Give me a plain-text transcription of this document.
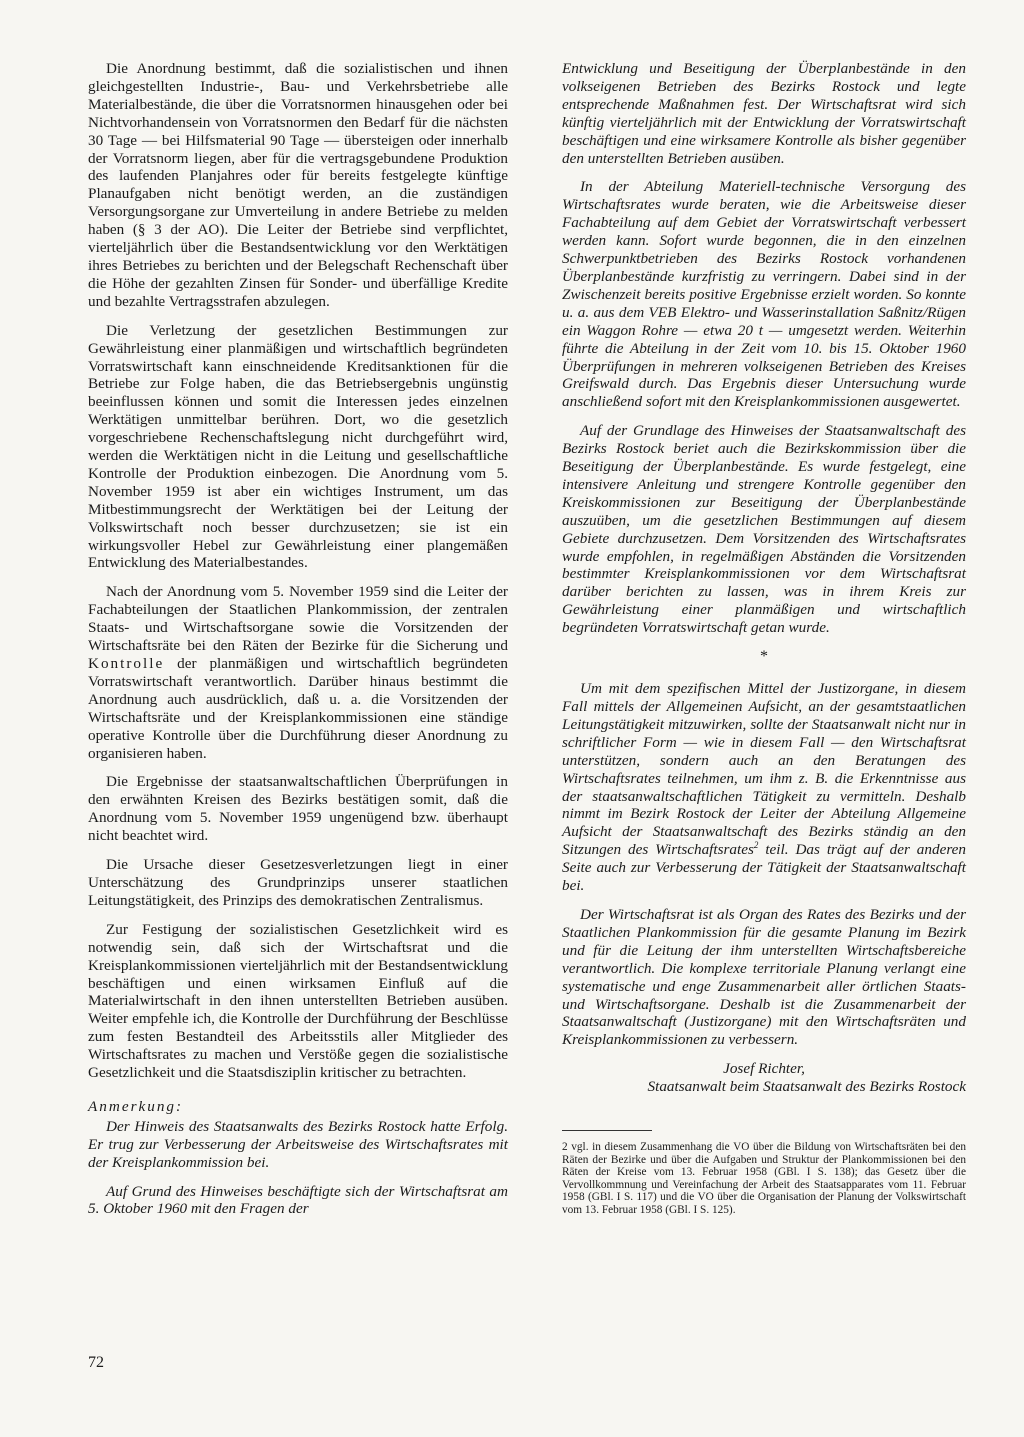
Die Anordnung bestimmt, daß die sozialistischen und ihnen gleichgestellten Industrie-, Bau- und Verkehrsbetriebe alle Materialbestände, die über die Vorratsnormen hinausgehen oder bei Nichtvorhandensein von Vorratsnormen den Bedarf für die nächsten 30 Tage — bei Hilfsmaterial 90 Tage — übersteigen oder innerhalb der Vorratsnorm liegen, aber für die vertragsgebundene Produktion des laufenden Planjahres oder für bereits festgelegte künftige Planaufgaben nicht benötigt werden, an die zuständigen Versorgungsorgane zur Umverteilung in andere Betriebe zu melden haben (§ 3 der AO). Die Leiter der Betriebe sind verpflichtet, vierteljährlich über die Bestandsentwicklung vor den Werktätigen ihres Betriebes zu berichten und der Belegschaft Rechenschaft über die Höhe der gezahlten Zinsen für Sonder- und überfällige Kredite und bezahlte Vertragsstrafen abzulegen.

Die Verletzung der gesetzlichen Bestimmungen zur Gewährleistung einer planmäßigen und wirtschaftlich begründeten Vorratswirtschaft kann einschneidende Kreditsanktionen für die Betriebe zur Folge haben, die das Betriebsergebnis ungünstig beeinflussen können und somit die Interessen jedes einzelnen Werktätigen unmittelbar berühren. Dort, wo die gesetzlich vorgeschriebene Rechenschaftslegung nicht durchgeführt wird, werden die Werktätigen nicht in die Leitung und gesellschaftliche Kontrolle der Produktion einbezogen. Die Anordnung vom 5. November 1959 ist aber ein wichtiges Instrument, um das Mitbestimmungsrecht der Werktätigen bei der Leitung der Volkswirtschaft noch besser durchzusetzen; sie ist ein wirkungsvoller Hebel zur Gewährleistung einer plangemäßen Entwicklung des Materialbestandes.

Nach der Anordnung vom 5. November 1959 sind die Leiter der Fachabteilungen der Staatlichen Plankommission, der zentralen Staats- und Wirtschaftsorgane sowie die Vorsitzenden der Wirtschaftsräte bei den Räten der Bezirke für die Sicherung und Kontrolle der planmäßigen und wirtschaftlich begründeten Vorratswirtschaft verantwortlich. Darüber hinaus bestimmt die Anordnung auch ausdrücklich, daß u. a. die Vorsitzenden der Wirtschaftsräte und der Kreisplankommissionen eine ständige operative Kontrolle über die Durchführung dieser Anordnung zu organisieren haben.

Die Ergebnisse der staatsanwaltschaftlichen Überprüfungen in den erwähnten Kreisen des Bezirks bestätigen somit, daß die Anordnung vom 5. November 1959 ungenügend bzw. überhaupt nicht beachtet wird.

Die Ursache dieser Gesetzesverletzungen liegt in einer Unterschätzung des Grundprinzips unserer staatlichen Leitungstätigkeit, des Prinzips des demokratischen Zentralismus.

Zur Festigung der sozialistischen Gesetzlichkeit wird es notwendig sein, daß sich der Wirtschaftsrat und die Kreisplankommissionen vierteljährlich mit der Bestandsentwicklung beschäftigen und einen wirksamen Einfluß auf die Materialwirtschaft in den ihnen unterstellten Betrieben ausüben. Weiter empfehle ich, die Kontrolle der Durchführung der Beschlüsse zum festen Bestandteil des Arbeitsstils aller Mitglieder des Wirtschaftsrates zu machen und Verstöße gegen die sozialistische Gesetzlichkeit und die Staatsdisziplin kritischer zu betrachten.

Anmerkung:

Der Hinweis des Staatsanwalts des Bezirks Rostock hatte Erfolg. Er trug zur Verbesserung der Arbeitsweise des Wirtschaftsrates mit der Kreisplankommission bei.

Auf Grund des Hinweises beschäftigte sich der Wirtschaftsrat am 5. Oktober 1960 mit den Fragen der

Entwicklung und Beseitigung der Überplanbestände in den volkseigenen Betrieben des Bezirks Rostock und legte entsprechende Maßnahmen fest. Der Wirtschaftsrat wird sich künftig vierteljährlich mit der Entwicklung der Vorratswirtschaft beschäftigen und eine wirksamere Kontrolle als bisher gegenüber den unterstellten Betrieben ausüben.

In der Abteilung Materiell-technische Versorgung des Wirtschaftsrates wurde beraten, wie die Arbeitsweise dieser Fachabteilung auf dem Gebiet der Vorratswirtschaft verbessert werden kann. Sofort wurde begonnen, die in den einzelnen Schwerpunktbetrieben des Bezirks Rostock vorhandenen Überplanbestände kurzfristig zu verringern. Dabei sind in der Zwischenzeit bereits positive Ergebnisse erzielt worden. So konnte u. a. aus dem VEB Elektro- und Wasserinstallation Saßnitz/Rügen ein Waggon Rohre — etwa 20 t — umgesetzt werden. Weiterhin führte die Abteilung in der Zeit vom 10. bis 15. Oktober 1960 Überprüfungen in mehreren volkseigenen Betrieben des Kreises Greifswald durch. Das Ergebnis dieser Untersuchung wurde anschließend sofort mit den Kreisplankommissionen ausgewertet.

Auf der Grundlage des Hinweises der Staatsanwaltschaft des Bezirks Rostock beriet auch die Bezirkskommission über die Beseitigung der Überplanbestände. Es wurde festgelegt, eine intensivere Anleitung und strengere Kontrolle gegenüber den Kreiskommissionen zur Beseitigung der Überplanbestände auszuüben, um die gesetzlichen Bestimmungen auf diesem Gebiete durchzusetzen. Dem Vorsitzenden des Wirtschaftsrates wurde empfohlen, in regelmäßigen Abständen die Vorsitzenden bestimmter Kreisplankommissionen vor dem Wirtschaftsrat darüber berichten zu lassen, was in ihrem Kreis zur Gewährleistung einer planmäßigen und wirtschaftlich begründeten Vorratswirtschaft getan wurde.

*

Um mit dem spezifischen Mittel der Justizorgane, in diesem Fall mittels der Allgemeinen Aufsicht, an der gesamtstaatlichen Leitungstätigkeit mitzuwirken, sollte der Staatsanwalt nicht nur in schriftlicher Form — wie in diesem Fall — den Wirtschaftsrat unterstützen, sondern auch an den Beratungen des Wirtschaftsrates teilnehmen, um ihm z. B. die Erkenntnisse aus der staatsanwaltschaftlichen Tätigkeit zu vermitteln. Deshalb nimmt im Bezirk Rostock der Leiter der Abteilung Allgemeine Aufsicht der Staatsanwaltschaft des Bezirks ständig an den Sitzungen des Wirtschaftsrates$^2$ teil. Das trägt auf der anderen Seite auch zur Verbesserung der Tätigkeit der Staatsanwaltschaft bei.

Der Wirtschaftsrat ist als Organ des Rates des Bezirks und der Staatlichen Plankommission für die gesamte Planung im Bezirk und für die Leitung der ihm unterstellten Wirtschaftsbereiche verantwortlich. Die komplexe territoriale Planung verlangt eine systematische und enge Zusammenarbeit aller örtlichen Staats- und Wirtschaftsorgane. Deshalb ist die Zusammenarbeit der Staatsanwaltschaft (Justizorgane) mit den Wirtschaftsräten und Kreisplankommissionen zu verbessern.

Josef Richter,

Staatsanwalt beim Staatsanwalt des Bezirks Rostock

2 vgl. in diesem Zusammenhang die VO über die Bildung von Wirtschaftsräten bei den Räten der Bezirke und über die Aufgaben und Struktur der Plankommissionen bei den Räten der Kreise vom 13. Februar 1958 (GBl. I S. 138); das Gesetz über die Vervollkommnung und Vereinfachung der Arbeit des Staatsapparates vom 11. Februar 1958 (GBl. I S. 117) und die VO über die Organisation der Planung der Volkswirtschaft vom 13. Februar 1958 (GBl. I S. 125).

72
